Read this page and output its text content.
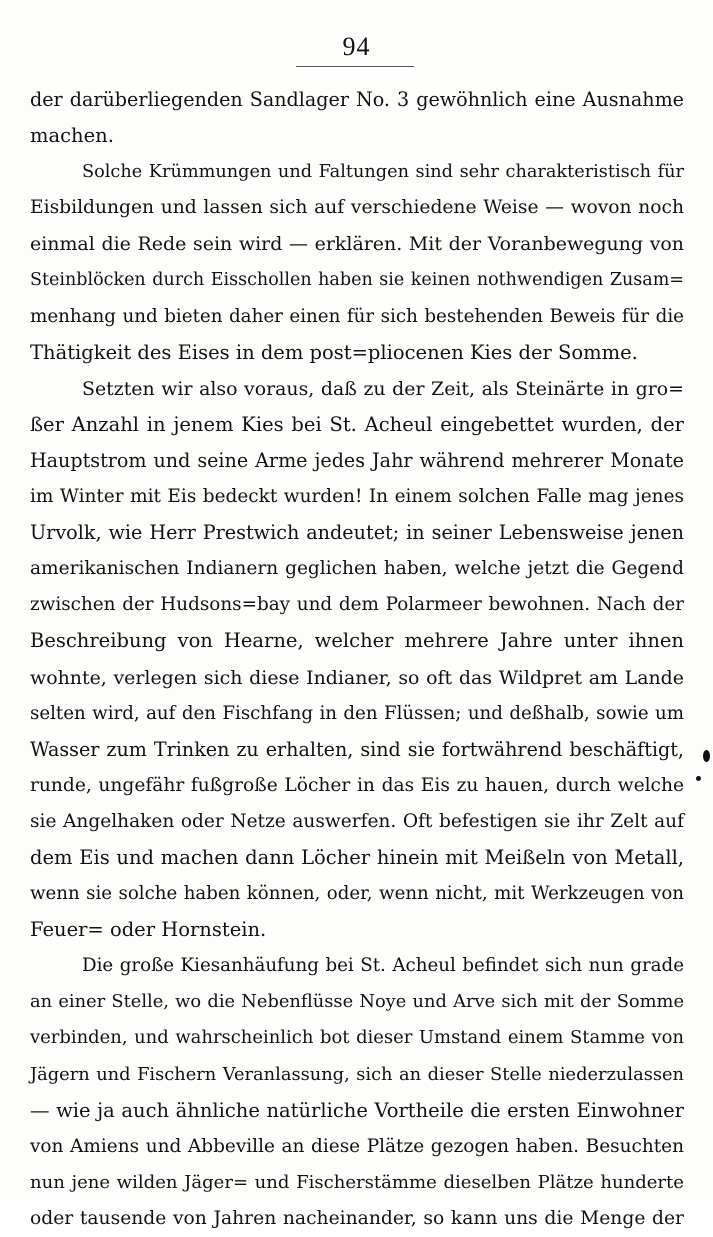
94
der darüberliegenden Sandlager No. 3 gewöhnlich eine Ausnahme
machen.
Solche Krümmungen und Faltungen sind sehr charakteristisch für
Eisbildungen und lassen sich auf verschiedene Weise — wovon noch
einmal die Rede sein wird — erklären. Mit der Voranbewegung von
Steinblöcken durch Eisschollen haben sie keinen nothwendigen Zusam=
menhang und bieten daher einen für sich bestehenden Beweis für die
Thätigkeit des Eises in dem post=pliocenen Kies der Somme.
Setzten wir also voraus, daß zu der Zeit, als Steinärte in gro=
ßer Anzahl in jenem Kies bei St. Acheul eingebettet wurden, der
Hauptstrom und seine Arme jedes Jahr während mehrerer Monate
im Winter mit Eis bedeckt wurden! In einem solchen Falle mag jenes
Urvolk, wie Herr Prestwich andeutet; in seiner Lebensweise jenen
amerikanischen Indianern geglichen haben, welche jetzt die Gegend
zwischen der Hudsons=bay und dem Polarmeer bewohnen. Nach der
Beschreibung von Hearne, welcher mehrere Jahre unter ihnen
wohnte, verlegen sich diese Indianer, so oft das Wildpret am Lande
selten wird, auf den Fischfang in den Flüssen; und deßhalb, sowie um
Wasser zum Trinken zu erhalten, sind sie fortwährend beschäftigt,
runde, ungefähr fußgroße Löcher in das Eis zu hauen, durch welche
sie Angelhaken oder Netze auswerfen. Oft befestigen sie ihr Zelt auf
dem Eis und machen dann Löcher hinein mit Meißeln von Metall,
wenn sie solche haben können, oder, wenn nicht, mit Werkzeugen von
Feuer= oder Hornstein.
Die große Kiesanhäufung bei St. Acheul befindet sich nun grade
an einer Stelle, wo die Nebenflüsse Noye und Arve sich mit der Somme
verbinden, und wahrscheinlich bot dieser Umstand einem Stamme von
Jägern und Fischern Veranlassung, sich an dieser Stelle niederzulassen
— wie ja auch ähnliche natürliche Vortheile die ersten Einwohner
von Amiens und Abbeville an diese Plätze gezogen haben. Besuchten
nun jene wilden Jäger= und Fischerstämme dieselben Plätze hunderte
oder tausende von Jahren nacheinander, so kann uns die Menge der
